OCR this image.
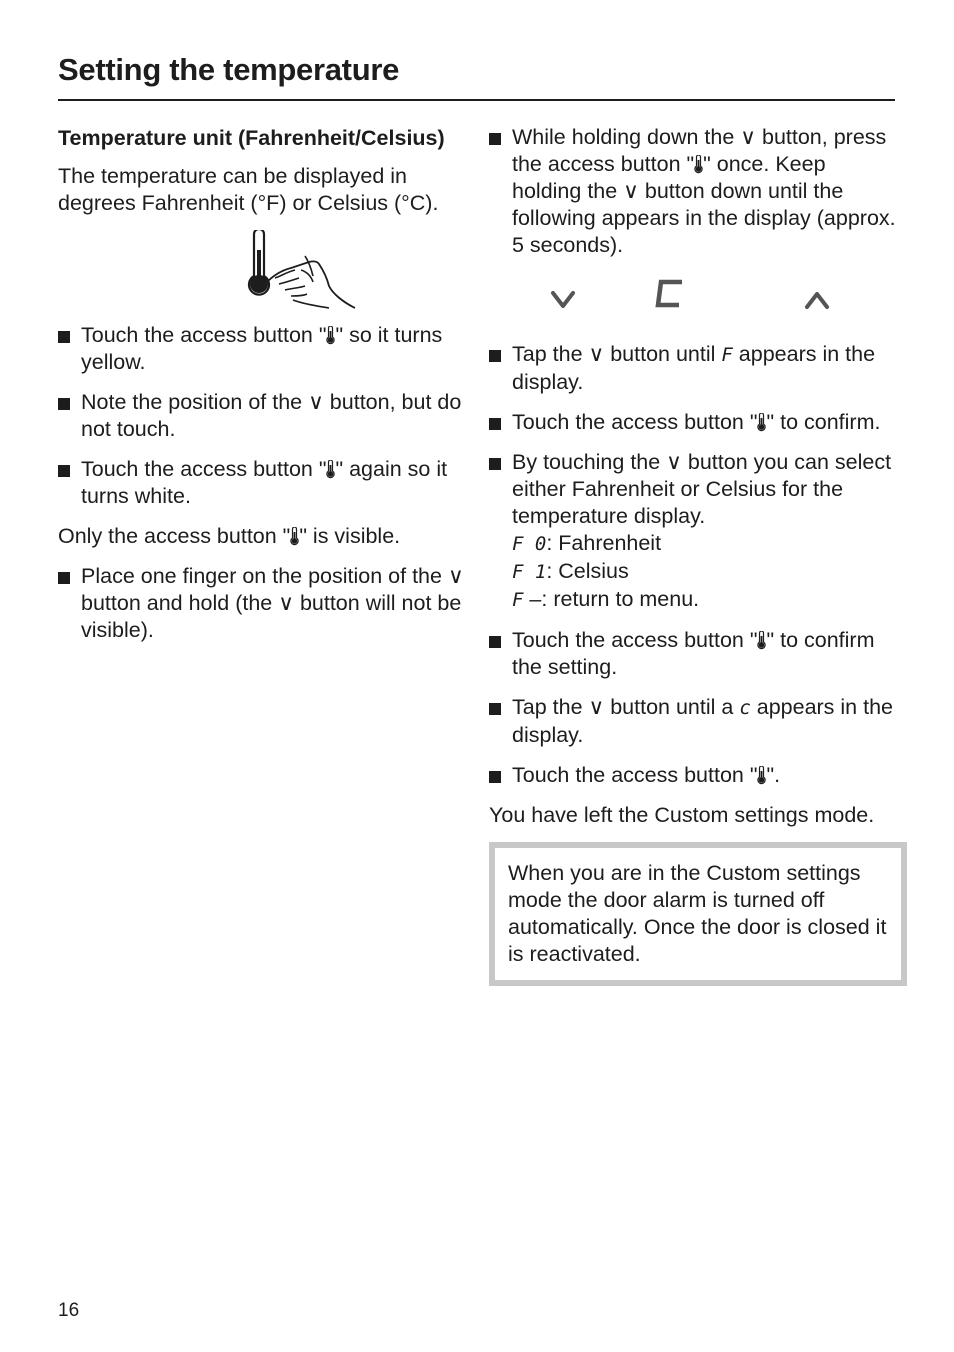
Setting the temperature
Temperature unit (Fahrenheit/Celsius)

The temperature can be displayed in degrees Fahrenheit (°F) or Celsius (°C).

Touch the access button " " so it turns yellow.
Note the position of the ∨ button, but do not touch.
Touch the access button " " again so it turns white.

Only the access button " " is visible.

Place one finger on the position of the ∨ button and hold (the ∨ button will not be visible).
While holding down the ∨ button, press the access button " " once. Keep holding the ∨ button down until the following appears in the display (approx. 5 seconds).
Tap the ∨ button until F appears in the display.
Touch the access button " " to confirm.
By touching the ∨ button you can select either Fahrenheit or Celsius for the temperature display.
F 0: Fahrenheit
F 1: Celsius
F –: return to menu.
Touch the access button " " to confirm the setting.
Tap the ∨ button until a c appears in the display.
Touch the access button " ".

You have left the Custom settings mode.

When you are in the Custom settings mode the door alarm is turned off automatically. Once the door is closed it is reactivated.
16
